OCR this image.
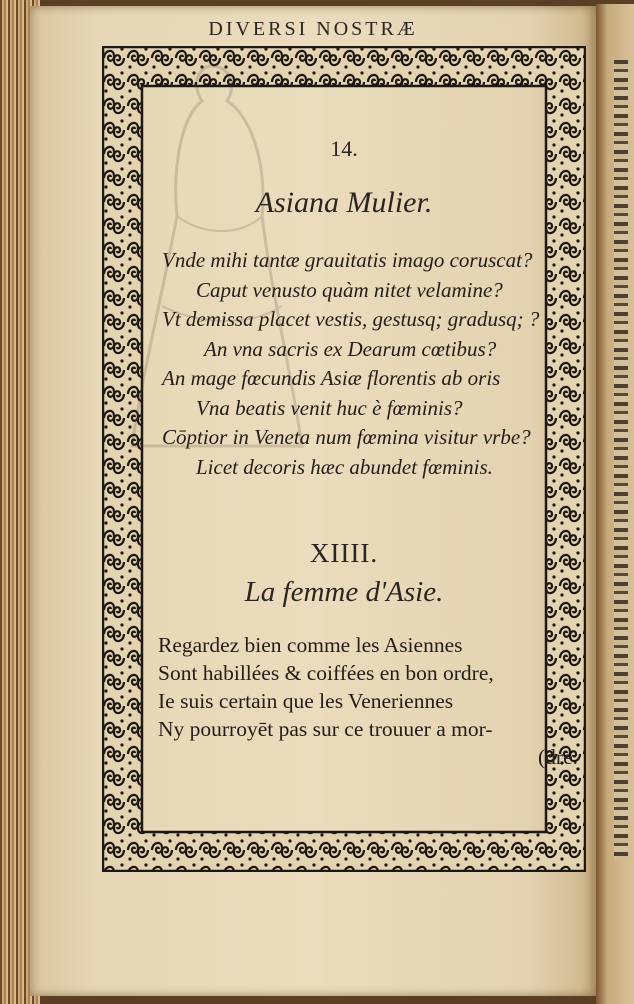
DIVERSI NOSTRÆ
14.
Asiana Mulier.
Vnde mihi tantæ grauitatis imago coruscat?
Caput venusto quàm nitet velamine?
Vt demissa placet vestis, gestusq; gradusq; ?
An vna sacris ex Dearum cœtibus?
An mage fœcundis Asiæ florentis ab oris
Vna beatis venit huc è fœminis?
Cōptior in Veneta num fœmina visitur vrbe?
Licet decoris hæc abundet fœminis.
XIIII.
La femme d'Asie.
Regardez bien comme les Asiennes
Sont habillées & coiffées en bon ordre,
Ie suis certain que les Veneriennes
Ny pourroyēt pas sur ce trouuer a mor-
(dre.
